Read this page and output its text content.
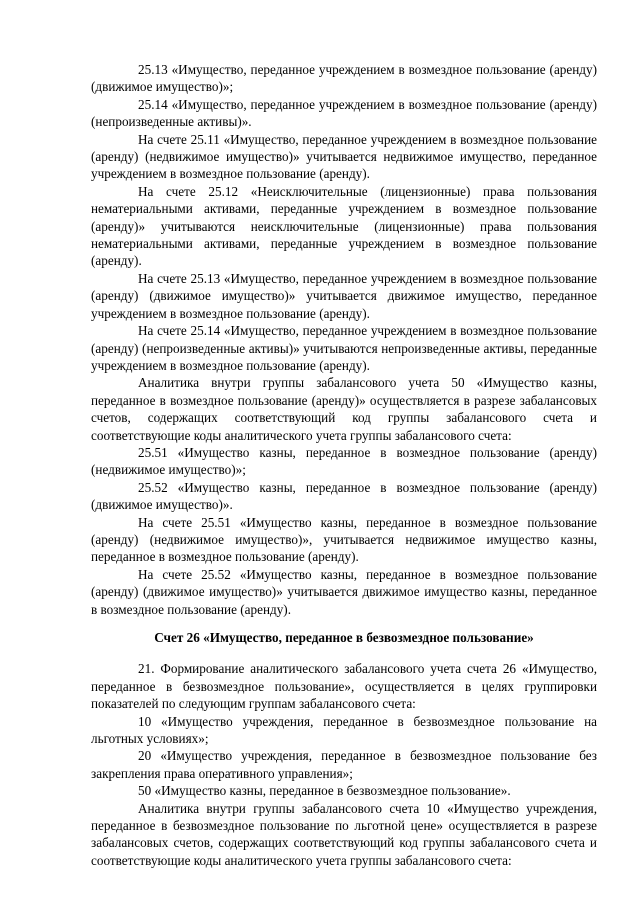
25.13 «Имущество, переданное учреждением в возмездное пользование (аренду) (движимое имущество)»;

25.14 «Имущество, переданное учреждением в возмездное пользование (аренду) (непроизведенные активы)».

На счете 25.11 «Имущество, переданное учреждением в возмездное пользование (аренду) (недвижимое имущество)» учитывается недвижимое имущество, переданное учреждением в возмездное пользование (аренду).

На счете 25.12 «Неисключительные (лицензионные) права пользования нематериальными активами, переданные учреждением в возмездное пользование (аренду)» учитываются неисключительные (лицензионные) права пользования нематериальными активами, переданные учреждением в возмездное пользование (аренду).

На счете 25.13 «Имущество, переданное учреждением в возмездное пользование (аренду) (движимое имущество)» учитывается движимое имущество, переданное учреждением в возмездное пользование (аренду).

На счете 25.14 «Имущество, переданное учреждением в возмездное пользование (аренду) (непроизведенные активы)» учитываются непроизведенные активы, переданные учреждением в возмездное пользование (аренду).

Аналитика внутри группы забалансового учета 50 «Имущество казны, переданное в возмездное пользование (аренду)» осуществляется в разрезе забалансовых счетов, содержащих соответствующий код группы забалансового счета и соответствующие коды аналитического учета группы забалансового счета:

25.51 «Имущество казны, переданное в возмездное пользование (аренду) (недвижимое имущество)»;

25.52 «Имущество казны, переданное в возмездное пользование (аренду) (движимое имущество)».

На счете 25.51 «Имущество казны, переданное в возмездное пользование (аренду) (недвижимое имущество)», учитывается недвижимое имущество казны, переданное в возмездное пользование (аренду).

На счете 25.52 «Имущество казны, переданное в возмездное пользование (аренду) (движимое имущество)» учитывается движимое имущество казны, переданное в возмездное пользование (аренду).

Счет 26 «Имущество, переданное в безвозмездное пользование»

21. Формирование аналитического забалансового учета счета 26 «Имущество, переданное в безвозмездное пользование», осуществляется в целях группировки показателей по следующим группам забалансового счета:

10 «Имущество учреждения, переданное в безвозмездное пользование на льготных условиях»;

20 «Имущество учреждения, переданное в безвозмездное пользование без закрепления права оперативного управления»;

50 «Имущество казны, переданное в безвозмездное пользование».

Аналитика внутри группы забалансового счета 10 «Имущество учреждения, переданное в безвозмездное пользование по льготной цене» осуществляется в разрезе забалансовых счетов, содержащих соответствующий код группы забалансового счета и соответствующие коды аналитического учета группы забалансового счета:
